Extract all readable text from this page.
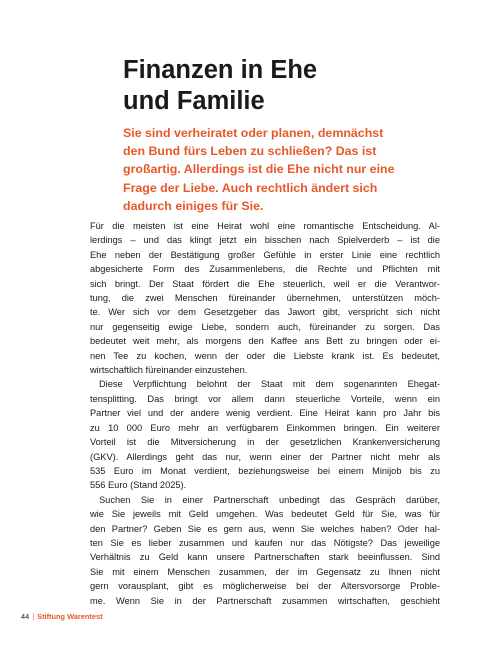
Finanzen in Ehe
und Familie
Sie sind verheiratet oder planen, demnächst
den Bund fürs Leben zu schließen? Das ist
großartig. Allerdings ist die Ehe nicht nur eine
Frage der Liebe. Auch rechtlich ändert sich
dadurch einiges für Sie.
Für die meisten ist eine Heirat wohl eine romantische Entscheidung. Al-
lerdings – und das klingt jetzt ein bisschen nach Spielverderb – ist die
Ehe neben der Bestätigung großer Gefühle in erster Linie eine rechtlich
abgesicherte Form des Zusammenlebens, die Rechte und Pflichten mit
sich bringt. Der Staat fördert die Ehe steuerlich, weil er die Verantwor-
tung, die zwei Menschen füreinander übernehmen, unterstützen möch-
te. Wer sich vor dem Gesetzgeber das Jawort gibt, verspricht sich nicht
nur gegenseitig ewige Liebe, sondern auch, füreinander zu sorgen. Das
bedeutet weit mehr, als morgens den Kaffee ans Bett zu bringen oder ei-
nen Tee zu kochen, wenn der oder die Liebste krank ist. Es bedeutet,
wirtschaftlich füreinander einzustehen.
Diese Verpflichtung belohnt der Staat mit dem sogenannten Ehegat-
tensplitting. Das bringt vor allem dann steuerliche Vorteile, wenn ein
Partner viel und der andere wenig verdient. Eine Heirat kann pro Jahr bis
zu 10 000 Euro mehr an verfügbarem Einkommen bringen. Ein weiterer
Vorteil ist die Mitversicherung in der gesetzlichen Krankenversicherung
(GKV). Allerdings geht das nur, wenn einer der Partner nicht mehr als
535 Euro im Monat verdient, beziehungsweise bei einem Minijob bis zu
556 Euro (Stand 2025).
Suchen Sie in einer Partnerschaft unbedingt das Gespräch darüber,
wie Sie jeweils mit Geld umgehen. Was bedeutet Geld für Sie, was für
den Partner? Geben Sie es gern aus, wenn Sie welches haben? Oder hal-
ten Sie es lieber zusammen und kaufen nur das Nötigste? Das jeweilige
Verhältnis zu Geld kann unsere Partnerschaften stark beeinflussen. Sind
Sie mit einem Menschen zusammen, der im Gegensatz zu Ihnen nicht
gern vorausplant, gibt es möglicherweise bei der Altersvorsorge Proble-
me. Wenn Sie in der Partnerschaft zusammen wirtschaften, geschieht
44 | Stiftung Warentest
